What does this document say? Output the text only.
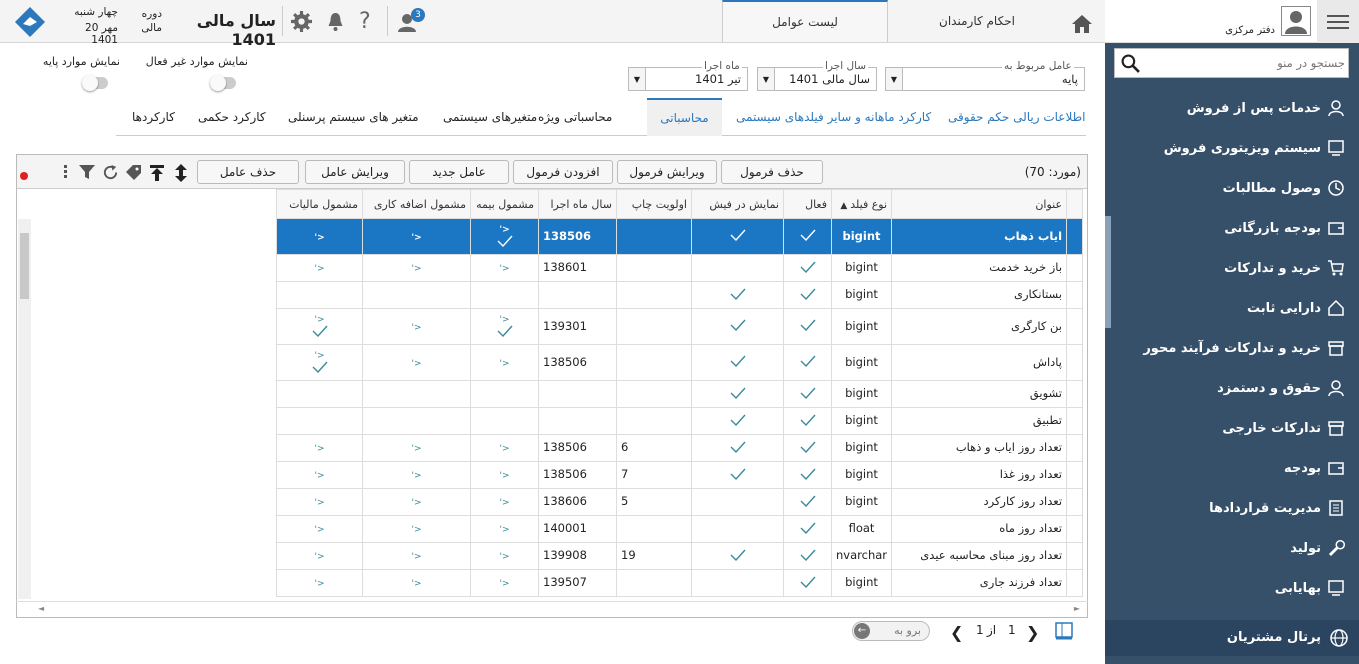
چهار شنبه
20 مهر 1401
دوره
مالی	سال مالی 1401
?	3	لیست عوامل	احکام کارمندان
دفتر مرکزی
جستجو در منو
خدمات پس از فروش
سیستم ویزیتوری فروش
وصول مطالبات
بودجه بازرگانی
خرید و تدارکات
دارایی ثابت
خرید و تدارکات فرآیند محور
حقوق و دستمزد
تدارکات خارجی
بودجه
مدیریت قراردادها
تولید
بهایابی
پرتال مشتریان
پایه
▼
عامل مربوط به
سال مالی 1401
▼
سال اجرا
تیر 1401
▼
ماه اجرا
نمایش موارد غیر فعال
نمایش موارد پایه
اطلاعات ریالی حکم حقوقی
کارکرد ماهانه و سایر فیلدهای سیستمی
محاسباتی
محاسباتی ویژه
متغیرهای سیستمی
متغیر های سیستم پرسنلی
کارکرد حکمی
کارکردها
(مورد: 70)
حذف فرمول
ویرایش فرمول
افزودن فرمول
عامل جدید
ویرایش عامل
حذف عامل
	عنوان	نوع فیلد ▲	فعال	نمایش در فیش	اولویت چاپ	سال ماه اجرا	مشمول بیمه	مشمول اضافه کاری	مشمول مالیات
	ایاب ذهاب	bigint				138506	<'	<'	<'
	باز خرید خدمت	bigint				138601	<'	<'	<'
	بستانکاری	bigint							
	بن کارگری	bigint				139301	<'	<'	<'

	پاداش	bigint				138506	<'	<'	<'

	تشویق	bigint							
	تطبیق	bigint							
	تعداد روز ایاب و ذهاب	bigint			6	138506	<'	<'	<'
	تعداد روز غذا	bigint			7	138506	<'	<'	<'
	تعداد روز کارکرد	bigint			5	138606	<'	<'	<'
	تعداد روز ماه	float				140001	<'	<'	<'
	تعداد روز مبنای محاسبه عیدی	nvarchar			19	139908	<'	<'	<'
	تعداد فرزند جاری	bigint				139507	<'	<'	<'
◄	►
❯
1
از
1
❮
برو به
←
